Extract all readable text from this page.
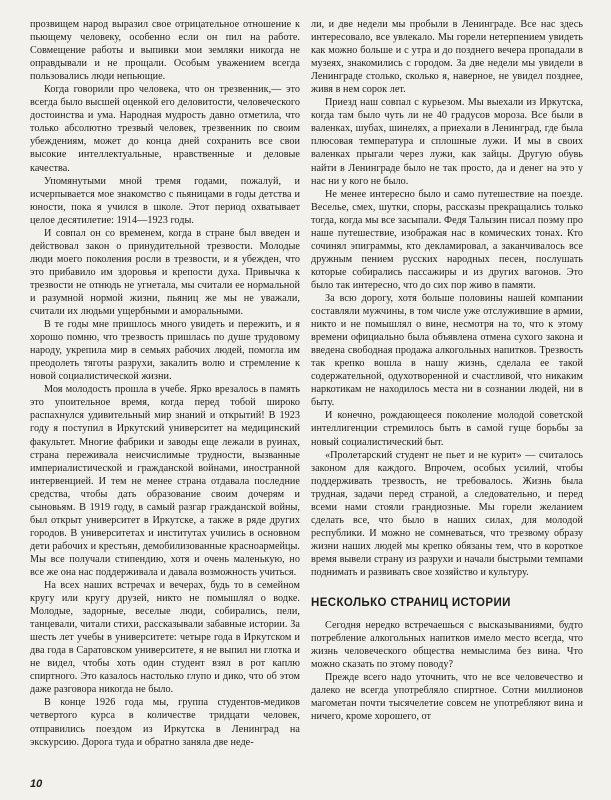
прозвищем народ выразил свое отрицательное отношение к пьющему человеку, особенно если он пил на работе. Совмещение работы и выпивки мои земляки никогда не оправдывали и не прощали. Особым уважением всегда пользовались люди непьющие.

Когда говорили про человека, что он трезвенник,— это всегда было высшей оценкой его деловитости, человеческого достоинства и ума. Народная мудрость давно отметила, что только абсолютно трезвый человек, трезвенник по своим убеждениям, может до конца дней сохранить все свои высокие интеллектуальные, нравственные и деловые качества.

Упомянутыми мной тремя годами, пожалуй, и исчерпывается мое знакомство с пьяницами в годы детства и юности, пока я учился в школе. Этот период охватывает целое десятилетие: 1914—1923 годы.

И совпал он со временем, когда в стране был введен и действовал закон о принудительной трезвости. Молодые люди моего поколения росли в трезвости, и я убежден, что это прибавило им здоровья и крепости духа. Привычка к трезвости не отнюдь не угнетала, мы считали ее нормальной и разумной нормой жизни, пьяниц же мы не уважали, считали их людьми ущербными и аморальными.

В те годы мне пришлось много увидеть и пережить, и я хорошо помню, что трезвость пришлась по душе трудовому народу, укрепила мир в семьях рабочих людей, помогла им преодолеть тяготы разрухи, закалить волю и стремление к новой социалистической жизни.

Моя молодость прошла в учебе. Ярко врезалось в память это упоительное время, когда перед тобой широко распахнулся удивительный мир знаний и открытий! В 1923 году я поступил в Иркутский университет на медицинский факультет. Многие фабрики и заводы еще лежали в руинах, страна переживала неисчислимые трудности, вызванные империалистической и гражданской войнами, иностранной интервенцией. И тем не менее страна отдавала последние средства, чтобы дать образование своим дочерям и сыновьям. В 1919 году, в самый разгар гражданской войны, был открыт университет в Иркутске, а также в ряде других городов. В университетах и институтах учились в основном дети рабочих и крестьян, демобилизованные красноармейцы. Мы все получали стипендию, хотя и очень маленькую, но все же она нас поддерживала и давала возможность учиться.

На всех наших встречах и вечерах, будь то в семейном кругу или кругу друзей, никто не помышлял о водке. Молодые, задорные, веселые люди, собирались, пели, танцевали, читали стихи, рассказывали забавные истории. За шесть лет учебы в университете: четыре года в Иркутском и два года в Саратовском университете, я не выпил ни глотка и не видел, чтобы хоть один студент взял в рот каплю спиртного. Это казалось настолько глупо и дико, что об этом даже разговора никогда не было.

В конце 1926 года мы, группа студентов-медиков четвертого курса в количестве тридцати человек, отправились поездом из Иркутска в Ленинград на экскурсию. Дорога туда и обратно заняла две неде-

ли, и две недели мы пробыли в Ленинграде. Все нас здесь интересовало, все увлекало. Мы горели нетерпением увидеть как можно больше и с утра и до позднего вечера пропадали в музеях, знакомились с городом. За две недели мы увидели в Ленинграде столько, сколько я, наверное, не увидел позднее, живя в нем сорок лет.

Приезд наш совпал с курьезом. Мы выехали из Иркутска, когда там было чуть ли не 40 градусов мороза. Все были в валенках, шубах, шинелях, а приехали в Ленинград, где была плюсовая температура и сплошные лужи. И мы в своих валенках прыгали через лужи, как зайцы. Другую обувь найти в Ленинграде было не так просто, да и денег на это у нас ни у кого не было.

Не менее интересно было и само путешествие на поезде. Веселье, смех, шутки, споры, рассказы прекращались только тогда, когда мы все засыпали. Федя Талызин писал поэму про наше путешествие, изображая нас в комических тонах. Кто сочинял эпиграммы, кто декламировал, а заканчивалось все дружным пением русских народных песен, послушать которые собирались пассажиры и из других вагонов. Это было так интересно, что до сих пор живо в памяти.

За всю дорогу, хотя больше половины нашей компании составляли мужчины, в том числе уже отслужившие в армии, никто и не помышлял о вине, несмотря на то, что к этому времени официально была объявлена отмена сухого закона и введена свободная продажа алкогольных напитков. Трезвость так крепко вошла в нашу жизнь, сделала ее такой содержательной, одухотворенной и счастливой, что никаким наркотикам не находилось места ни в сознании людей, ни в быту.

И конечно, рождающееся поколение молодой советской интеллигенции стремилось быть в самой гуще борьбы за новый социалистический быт.

«Пролетарский студент не пьет и не курит» — считалось законом для каждого. Впрочем, особых усилий, чтобы поддерживать трезвость, не требовалось. Жизнь была трудная, задачи перед страной, а следовательно, и перед всеми нами стояли грандиозные. Мы горели желанием сделать все, что было в наших силах, для молодой республики. И можно не сомневаться, что трезвому образу жизни наших людей мы крепко обязаны тем, что в короткое время вывели страну из разрухи и начали быстрыми темпами поднимать и развивать свое хозяйство и культуру.

НЕСКОЛЬКО СТРАНИЦ ИСТОРИИ

Сегодня нередко встречаешься с высказываниями, будто потребление алкогольных напитков имело место всегда, что жизнь человеческого общества немыслима без вина. Что можно сказать по этому поводу?

Прежде всего надо уточнить, что не все человечество и далеко не всегда употребляло спиртное. Сотни миллионов магометан почти тысячелетие совсем не употребляют вина и ничего, кроме хорошего, от

10
